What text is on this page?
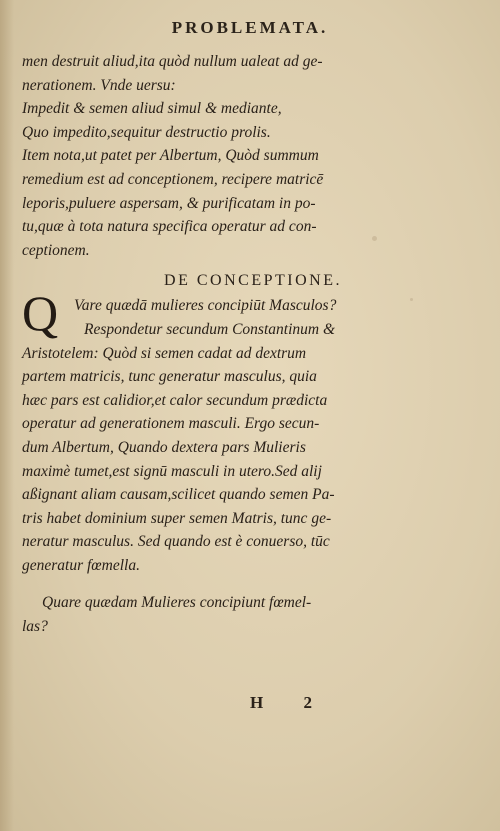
PROBLEMATA.
men destruit aliud,ita quòd nullum ualeat ad ge-
nerationem. Vnde uersu:
Impedit & semen aliud simul & mediante,
Quo impedito,sequitur destructio prolis.
Item nota,ut patet per Albertum, Quòd summum
remedium est ad conceptionem, recipere matricē
leporis,puluere aspersam, & purificatam in po-
tu,quæ à tota natura specifica operatur ad con-
ceptionem.
DE CONCEPTIONE.
Q Vare quædā mulieres concipiūt Masculos?
Respondetur secundum Constantinum &
Aristotelem: Quòd si semen cadat ad dextrum
partem matricis, tunc generatur masculus, quia
hæc pars est calidior,et calor secundum prædicta
operatur ad generationem masculi. Ergo secun-
dum Albertum, Quando dextera pars Mulieris
maximè tumet,est signū masculi in utero.Sed alij
aßignant aliam causam,scilicet quando semen Pa-
tris habet dominium super semen Matris, tunc ge-
neratur masculus. Sed quando est è conuerso, tūc
generatur fœmella.
Quare quædam Mulieres concipiunt fœmel-
las?
H 2
